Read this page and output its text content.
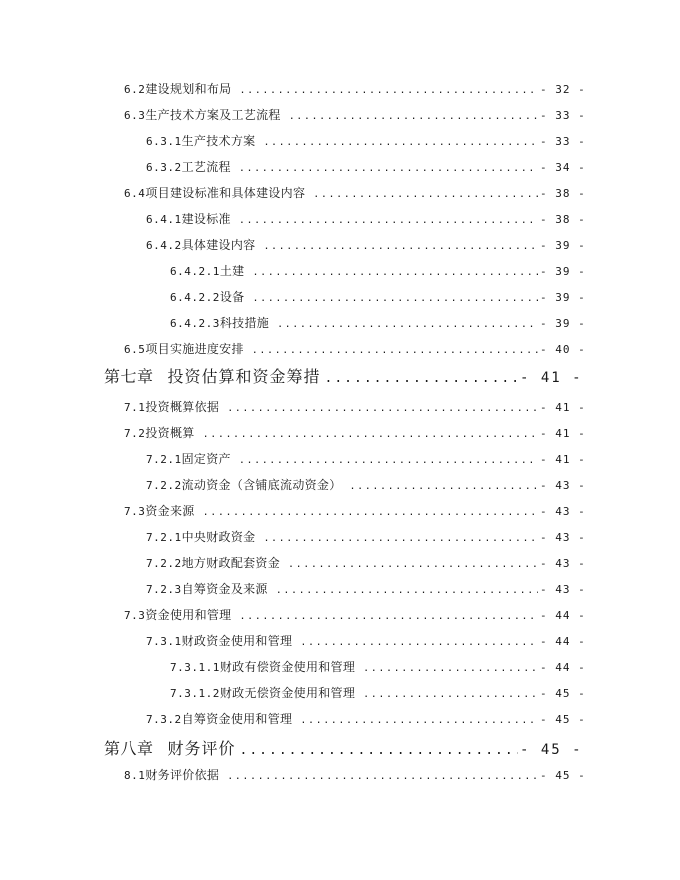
6.2 建设规划和布局 .....	- 32 -
6.3 生产技术方案及工艺流程 .....	- 33 -
6.3.1 生产技术方案 .....	- 33 -
6.3.2 工艺流程 .....	- 34 -
6.4 项目建设标准和具体建设内容 .....	- 38 -
6.4.1 建设标准 .....	- 38 -
6.4.2 具体建设内容 .....	- 39 -
6.4.2.1 土建 .....	- 39 -
6.4.2.2 设备 .....	- 39 -
6.4.2.3 科技措施 .....	- 39 -
6.5 项目实施进度安排 .....	- 40 -
第七章 投资估算和资金筹措 .....	- 41 -
7.1 投资概算依据 .....	- 41 -
7.2 投资概算 .....	- 41 -
7.2.1 固定资产 .....	- 41 -
7.2.2 流动资金（含铺底流动资金） .....	- 43 -
7.3 资金来源 .....	- 43 -
7.2.1 中央财政资金 .....	- 43 -
7.2.2 地方财政配套资金 .....	- 43 -
7.2.3 自筹资金及来源 .....	- 43 -
7.3 资金使用和管理 .....	- 44 -
7.3.1 财政资金使用和管理 .....	- 44 -
7.3.1.1 财政有偿资金使用和管理 .....	- 44 -
7.3.1.2 财政无偿资金使用和管理 .....	- 45 -
7.3.2 自筹资金使用和管理 .....	- 45 -
第八章 财务评价 .....	- 45 -
8.1 财务评价依据 .....	- 45 -
